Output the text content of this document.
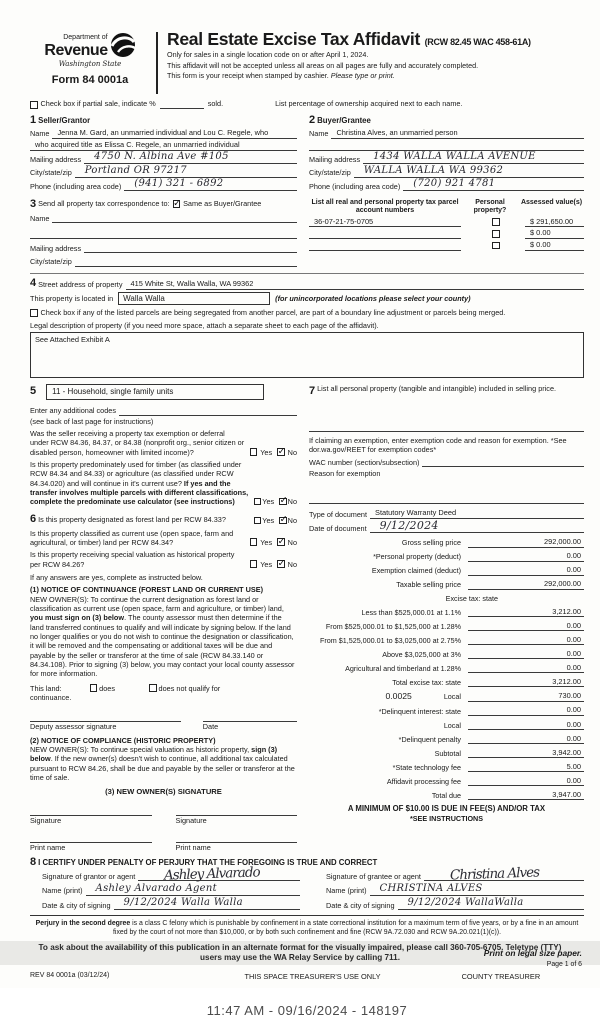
Department of
Revenue
Washington State
Form 84 0001a
Real Estate Excise Tax Affidavit (RCW 82.45 WAC 458-61A)
Only for sales in a single location code on or after April 1, 2024.
This affidavit will not be accepted unless all areas on all pages are fully and accurately completed.
This form is your receipt when stamped by cashier. Please type or print.
Check box if partial sale, indicate %	sold.	List percentage of ownership acquired next to each name.
1 Seller/Grantor
Name	Jenna M. Gard, an unmarried individual and Lou C. Regele, who
who acquired title as Elissa C. Regele, an unmarried individual
Mailing address	4750 N. Albina Ave #105
City/state/zip	Portland OR 97217
Phone (including area code)	(941) 321 - 6892
2 Buyer/Grantee
Name	Christina Alves, an unmarried person
Mailing address	1434 WALLA WALLA AVENUE
City/state/zip	WALLA WALLA WA 99362
Phone (including area code)	(720) 921 4781
3 Send all property tax correspondence to: ✓ Same as Buyer/Grantee
Name
Mailing address
City/state/zip
List all real and personal property tax parcel account numbers
Personal property?
Assessed value(s)
36-07-21-75-0705	$ 291,650.00
$ 0.00
$ 0.00
4 Street address of property	415 White St, Walla Walla, WA 99362
This property is located in	Walla Walla	(for unincorporated locations please select your county)
Check box if any of the listed parcels are being segregated from another parcel, are part of a boundary line adjustment or parcels being merged.
Legal description of property (if you need more space, attach a separate sheet to each page of the affidavit).
See Attached Exhibit A
5	11 - Household, single family units
Enter any additional codes
(see back of last page for instructions)
Was the seller receiving a property tax exemption or deferral under RCW 84.36, 84.37, or 84.38 (nonprofit org., senior citizen or disabled person, homeowner with limited income)?	Yes ✓ No
Is this property predominately used for timber (as classified under RCW 84.34 and 84.33) or agriculture (as classified under RCW 84.34.020) and will continue in it's current use? If yes and the transfer involves multiple parcels with different classifications, complete the predominate use calculator (see instructions)	Yes ✓ No
6 Is this property designated as forest land per RCW 84.33?	Yes ✓ No
Is this property classified as current use (open space, farm and agricultural, or timber) land per RCW 84.34?	Yes ✓ No
Is this property receiving special valuation as historical property per RCW 84.26?	Yes ✓ No
If any answers are yes, complete as instructed below.
(1) NOTICE OF CONTINUANCE (FOREST LAND OR CURRENT USE)
NEW OWNER(S): To continue the current designation as forest land or classification as current use (open space, farm and agriculture, or timber) land, you must sign on (3) below. The county assessor must then determine if the land transferred continues to qualify and will indicate by signing below. If the land no longer qualifies or you do not wish to continue the designation or classification, it will be removed and the compensating or additional taxes will be due and payable by the seller or transferor at the time of sale (RCW 84.33.140 or 84.34.108). Prior to signing (3) below, you may contact your local county assessor for more information.
This land:	does	does not qualify for
continuance.
Deputy assessor signature	Date
(2) NOTICE OF COMPLIANCE (HISTORIC PROPERTY)
NEW OWNER(S): To continue special valuation as historic property, sign (3) below. If the new owner(s) doesn't wish to continue, all additional tax calculated pursuant to RCW 84.26, shall be due and payable by the seller or transferor at the time of sale.
(3) NEW OWNER(S) SIGNATURE
Signature	Signature
Print name	Print name
7 List all personal property (tangible and intangible) included in selling price.
If claiming an exemption, enter exemption code and reason for exemption. *See dor.wa.gov/REET for exemption codes*
WAC number (section/subsection)
Reason for exemption
Type of document	Statutory Warranty Deed
Date of document 9/12/2024
Gross selling price	292,000.00
*Personal property (deduct)	0.00
Exemption claimed (deduct)	0.00
Taxable selling price	292,000.00
Excise tax: state
Less than $525,000.01 at 1.1%	3,212.00
From $525,000.01 to $1,525,000 at 1.28%	0.00
From $1,525,000.01 to $3,025,000 at 2.75%	0.00
Above $3,025,000 at 3%	0.00
Agricultural and timberland at 1.28%	0.00
Total excise tax: state	3,212.00
0.0025	Local	730.00
*Delinquent interest: state	0.00
Local	0.00
*Delinquent penalty	0.00
Subtotal	3,942.00
*State technology fee	5.00
Affidavit processing fee	0.00
Total due	3,947.00
A MINIMUM OF $10.00 IS DUE IN FEE(S) AND/OR TAX
*SEE INSTRUCTIONS
8 I CERTIFY UNDER PENALTY OF PERJURY THAT THE FOREGOING IS TRUE AND CORRECT
Signature of grantor or agent Ashley Alvarado
Name (print)	Ashley Alvarado Agent
Date & city of signing	9/12/2024 Walla Walla
Signature of grantee or agent Christina Alves
Name (print)	CHRISTINA ALVES
Date & city of signing	9/12/2024 WallaWalla
Perjury in the second degree is a class C felony which is punishable by confinement in a state correctional institution for a maximum term of five years, or by a fine in an amount fixed by the court of not more than $10,000, or by both such confinement and fine (RCW 9A.72.030 and RCW 9A.20.021(1)(c)).
To ask about the availability of this publication in an alternate format for the visually impaired, please call 360-705-6705. Teletype (TTY) users may use the WA Relay Service by calling 711.
REV 84 0001a (03/12/24)	THIS SPACE TREASURER'S USE ONLY	COUNTY TREASURER
11:47 AM - 09/16/2024 - 148197
Print on legal size paper.
Page 1 of 6
